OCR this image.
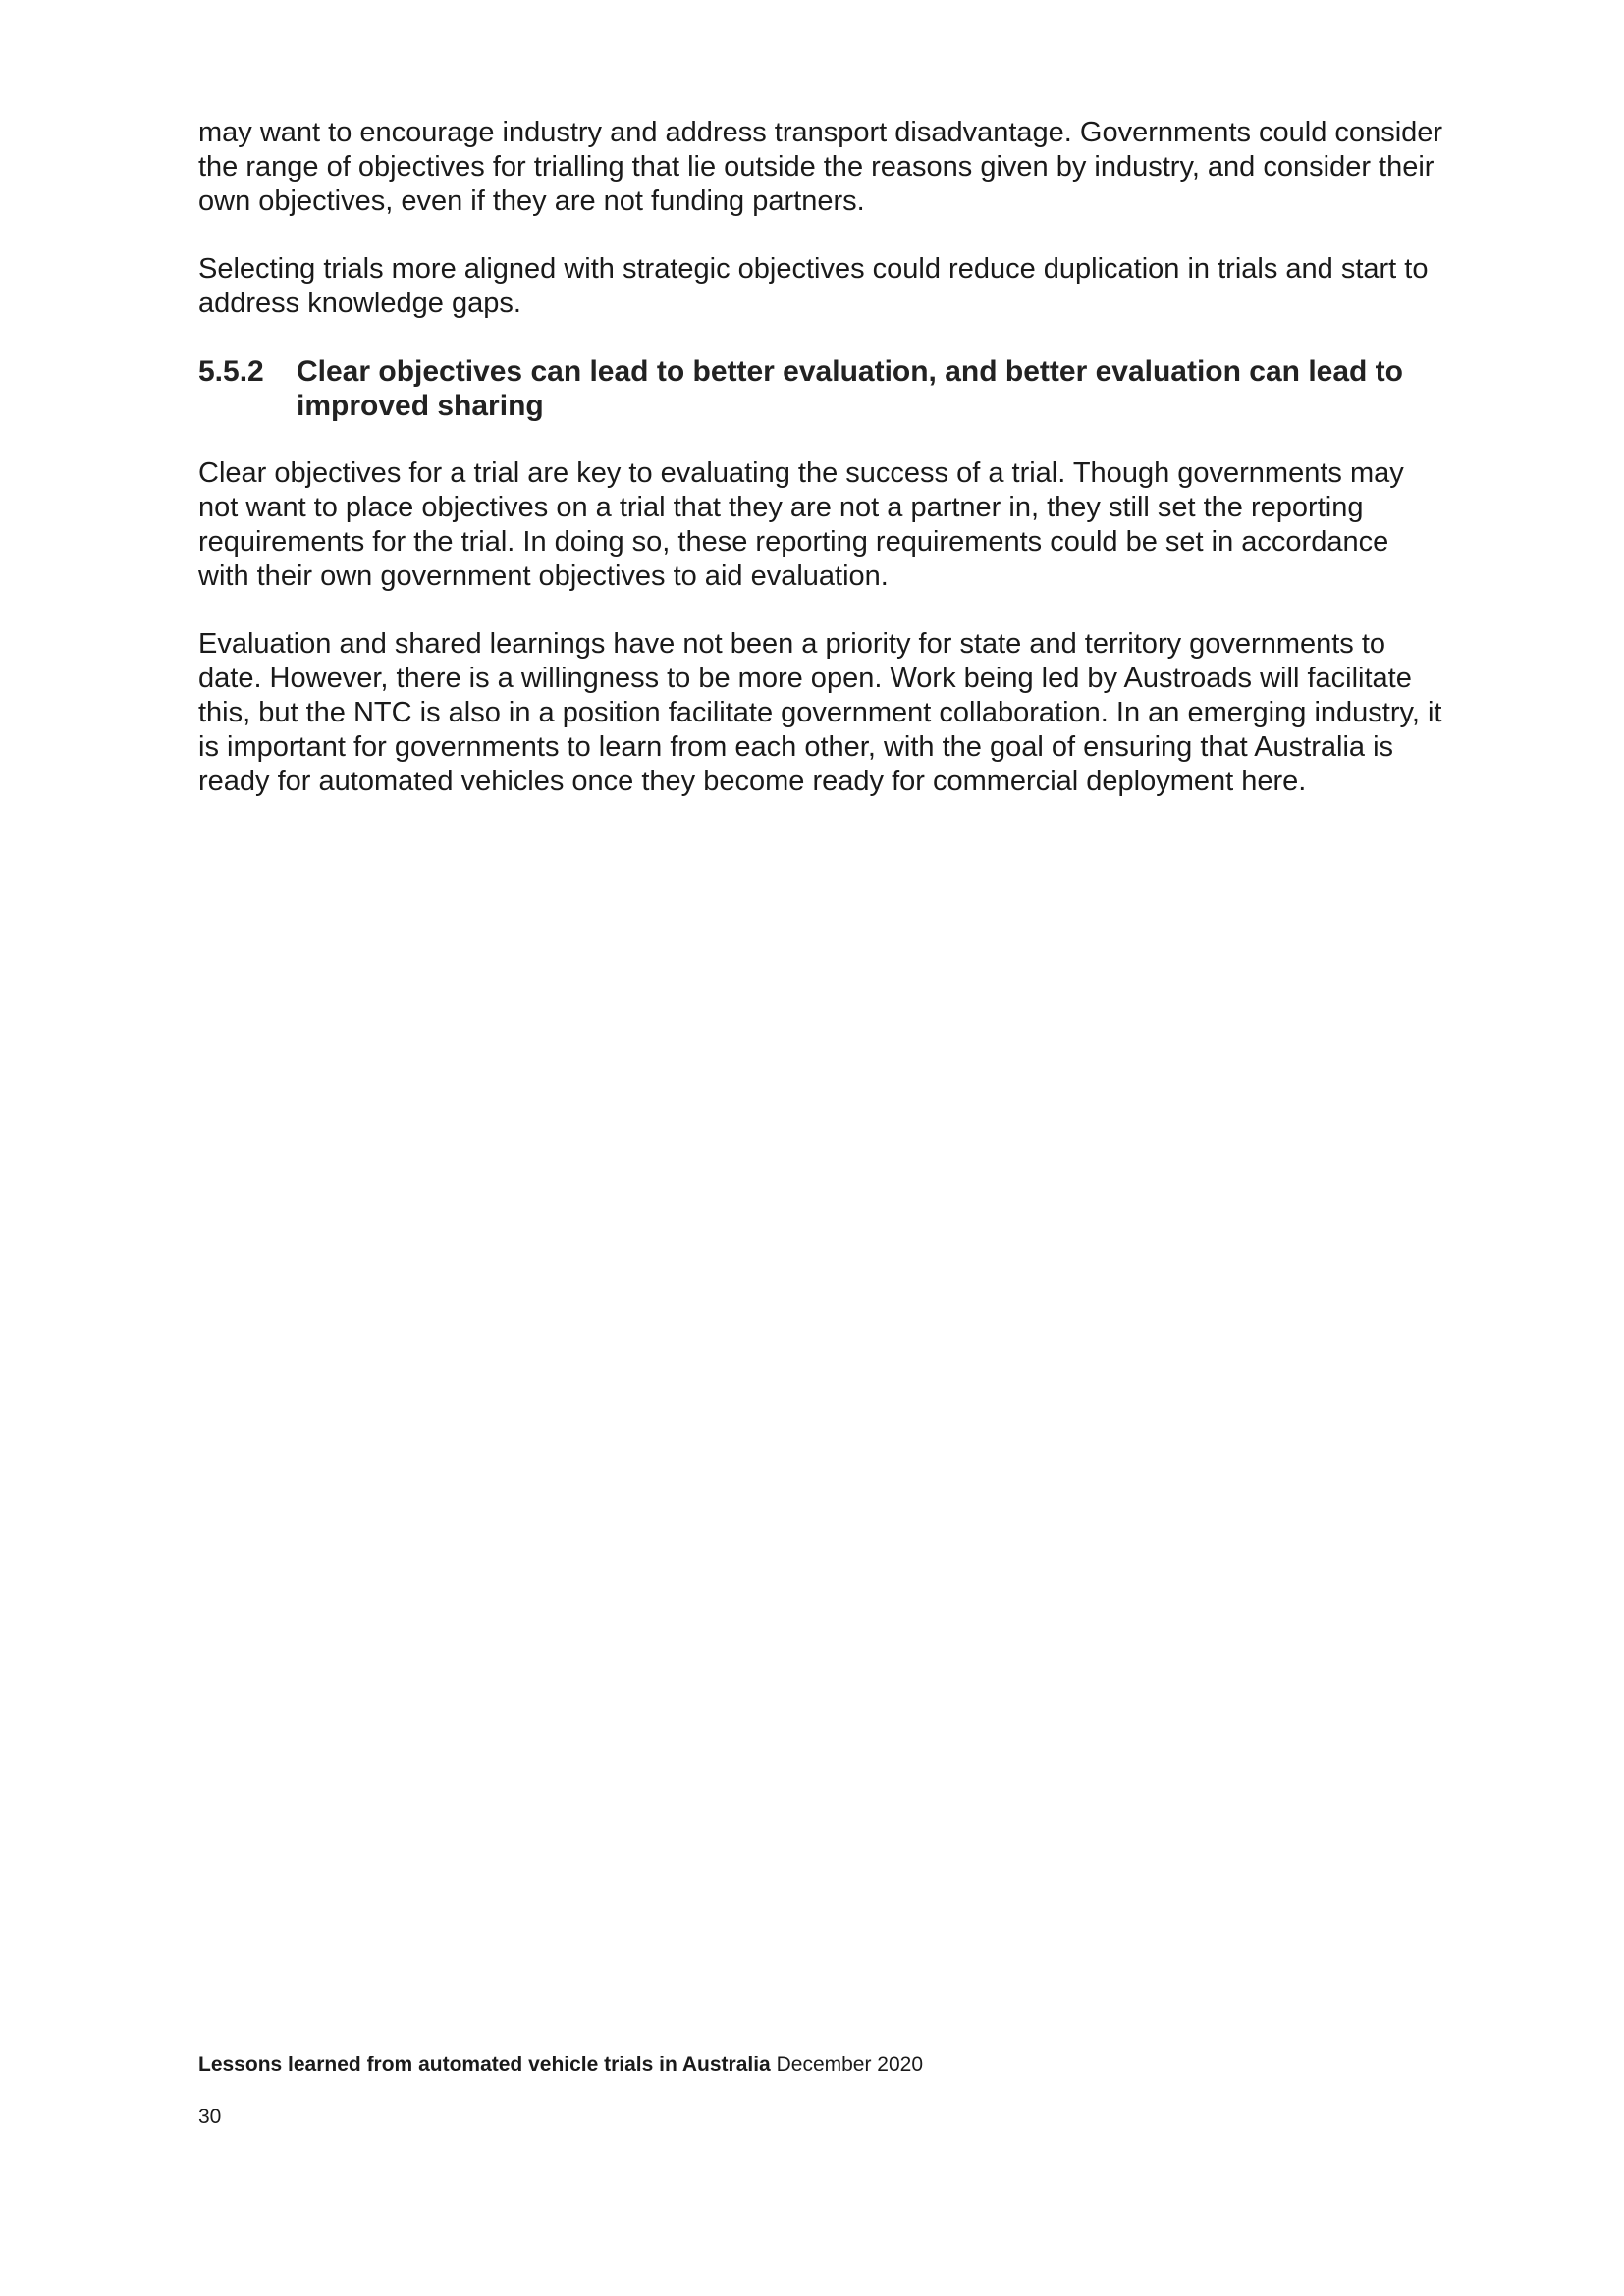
may want to encourage industry and address transport disadvantage. Governments could consider the range of objectives for trialling that lie outside the reasons given by industry, and consider their own objectives, even if they are not funding partners.

Selecting trials more aligned with strategic objectives could reduce duplication in trials and start to address knowledge gaps.

5.5.2	Clear objectives can lead to better evaluation, and better evaluation can lead to improved sharing

Clear objectives for a trial are key to evaluating the success of a trial. Though governments may not want to place objectives on a trial that they are not a partner in, they still set the reporting requirements for the trial. In doing so, these reporting requirements could be set in accordance with their own government objectives to aid evaluation.

Evaluation and shared learnings have not been a priority for state and territory governments to date. However, there is a willingness to be more open. Work being led by Austroads will facilitate this, but the NTC is also in a position facilitate government collaboration. In an emerging industry, it is important for governments to learn from each other, with the goal of ensuring that Australia is ready for automated vehicles once they become ready for commercial deployment here.

Lessons learned from automated vehicle trials in Australia December 2020
30
